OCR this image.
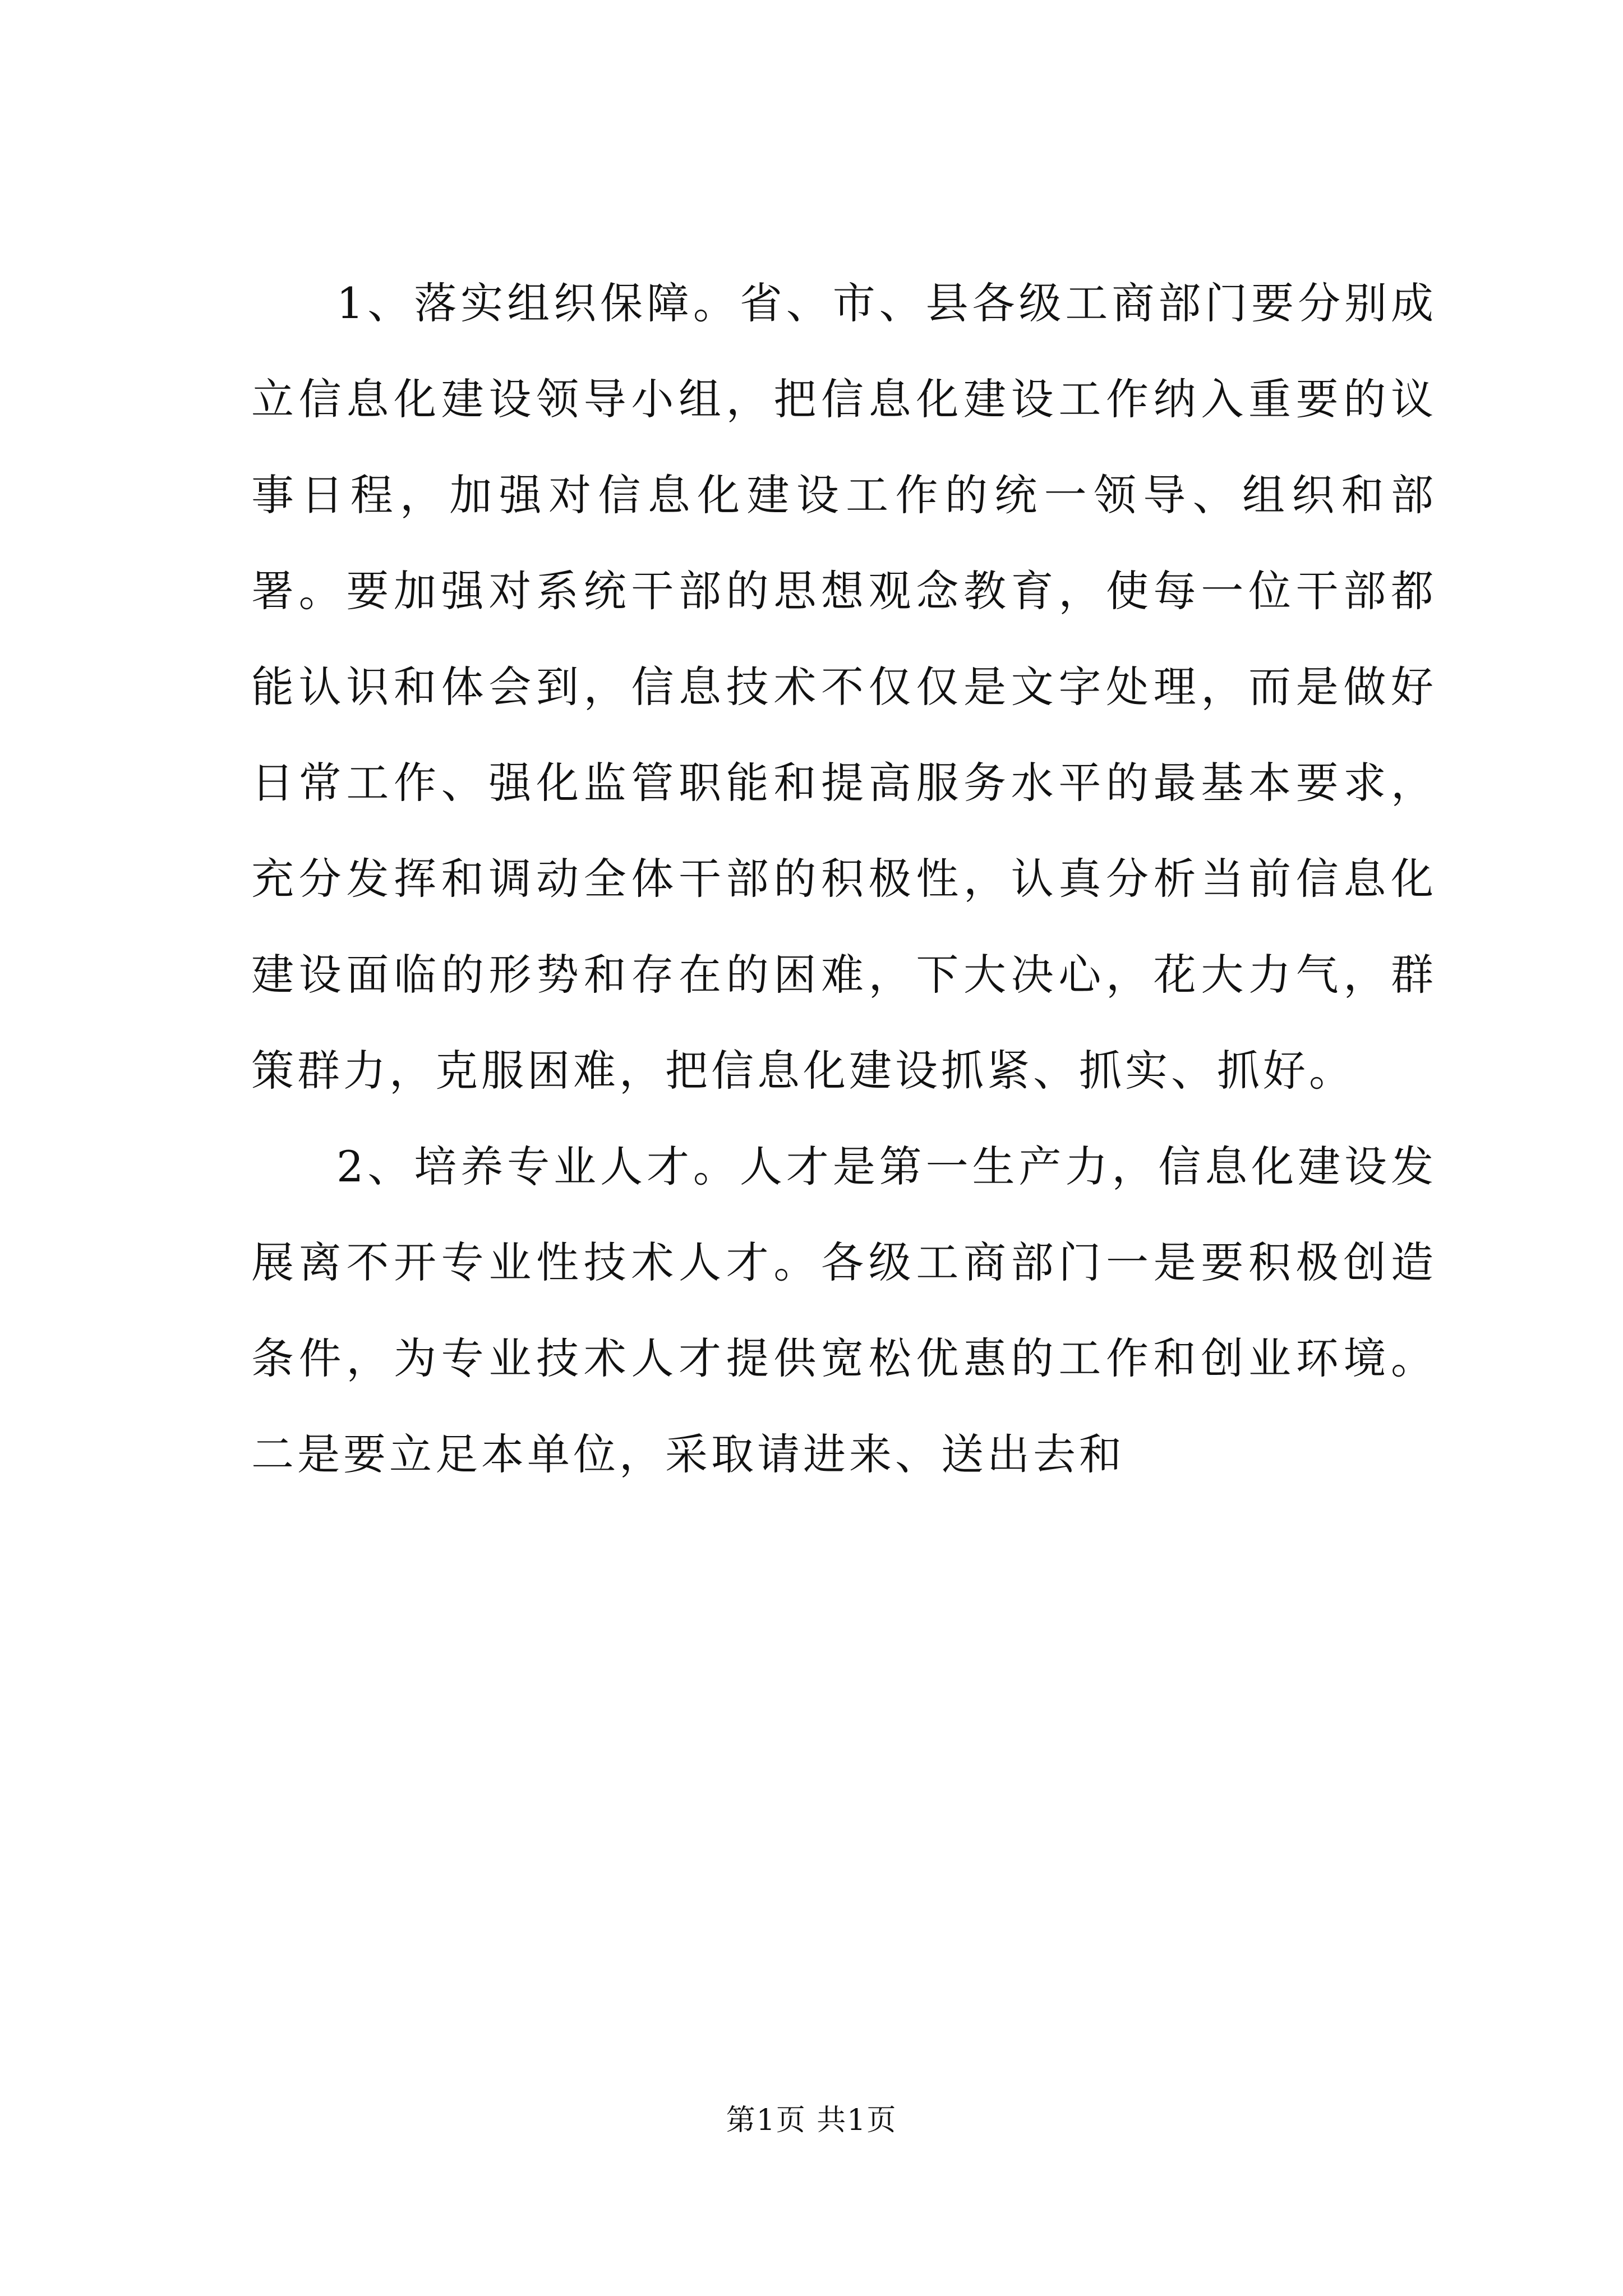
1、落实组织保障。省、市、县各级工商部门要分别成立信息化建设领导小组，把信息化建设工作纳入重要的议事日程，加强对信息化建设工作的统一领导、组织和部署。要加强对系统干部的思想观念教育，使每一位干部都能认识和体会到，信息技术不仅仅是文字处理，而是做好日常工作、强化监管职能和提高服务水平的最基本要求，充分发挥和调动全体干部的积极性，认真分析当前信息化建设面临的形势和存在的困难，下大决心，花大力气，群策群力，克服困难，把信息化建设抓紧、抓实、抓好。

2、培养专业人才。人才是第一生产力，信息化建设发展离不开专业性技术人才。各级工商部门一是要积极创造条件，为专业技术人才提供宽松优惠的工作和创业环境。二是要立足本单位，采取请进来、送出去和

第1页 共1页
